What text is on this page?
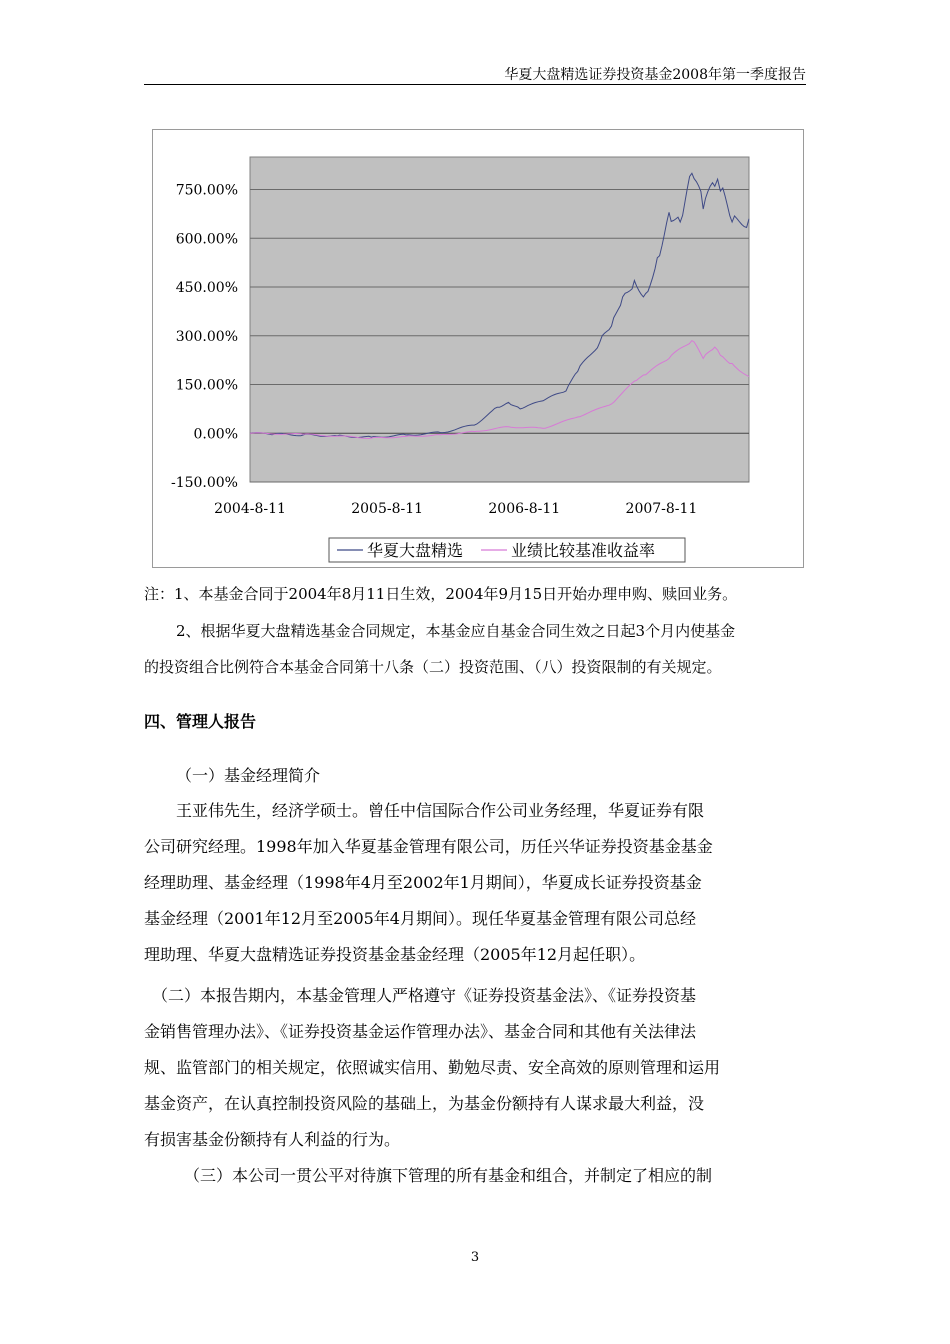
华夏大盘精选证券投资基金2008年第一季度报告
750.00%
600.00%
450.00%
300.00%
150.00%
0.00%
-150.00%
2004-8-11	2005-8-11	2006-8-11	2007-8-11
华夏大盘精选	业绩比较基准收益率
注：1、本基金合同于2004年8月11日生效，2004年9月15日开始办理申购、赎回业务。
2、根据华夏大盘精选基金合同规定，本基金应自基金合同生效之日起3个月内使基金
的投资组合比例符合本基金合同第十八条（二）投资范围、（八）投资限制的有关规定。
四、管理人报告
（一）基金经理简介
王亚伟先生，经济学硕士。曾任中信国际合作公司业务经理，华夏证券有限
公司研究经理。1998年加入华夏基金管理有限公司，历任兴华证券投资基金基金
经理助理、基金经理（1998年4月至2002年1月期间），华夏成长证券投资基金
基金经理（2001年12月至2005年4月期间）。现任华夏基金管理有限公司总经
理助理、华夏大盘精选证券投资基金基金经理（2005年12月起任职）。
（二）本报告期内，本基金管理人严格遵守《证券投资基金法》、《证券投资基
金销售管理办法》、《证券投资基金运作管理办法》、基金合同和其他有关法律法
规、监管部门的相关规定，依照诚实信用、勤勉尽责、安全高效的原则管理和运用
基金资产，在认真控制投资风险的基础上，为基金份额持有人谋求最大利益，没
有损害基金份额持有人利益的行为。
（三）本公司一贯公平对待旗下管理的所有基金和组合，并制定了相应的制
3
